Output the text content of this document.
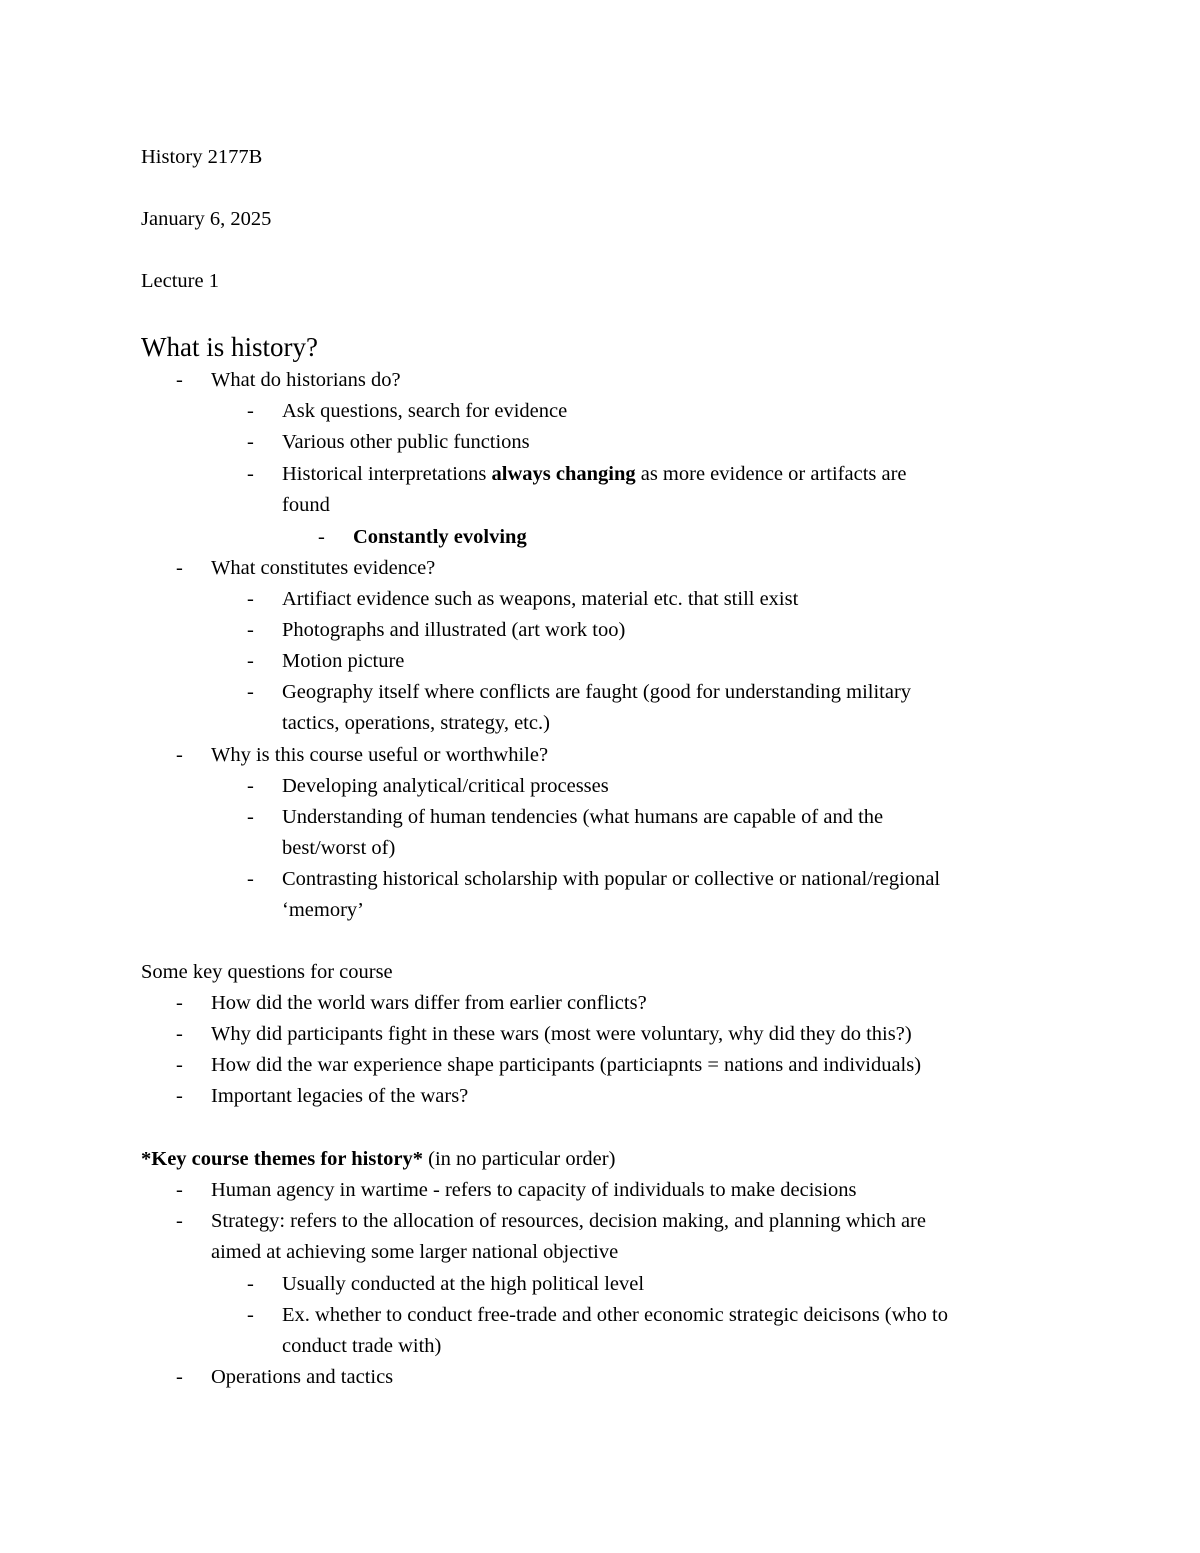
History 2177B
January 6, 2025
Lecture 1
What is history?
- What do historians do?
- Ask questions, search for evidence
- Various other public functions
- Historical interpretations always changing as more evidence or artifacts are
found
- Constantly evolving
- What constitutes evidence?
- Artifiact evidence such as weapons, material etc. that still exist
- Photographs and illustrated (art work too)
- Motion picture
- Geography itself where conflicts are faught (good for understanding military
tactics, operations, strategy, etc.)
- Why is this course useful or worthwhile?
- Developing analytical/critical processes
- Understanding of human tendencies (what humans are capable of and the
best/worst of)
- Contrasting historical scholarship with popular or collective or national/regional
‘memory’
Some key questions for course
- How did the world wars differ from earlier conflicts?
- Why did participants fight in these wars (most were voluntary, why did they do this?)
- How did the war experience shape participants (particiapnts = nations and individuals)
- Important legacies of the wars?
*Key course themes for history* (in no particular order)
- Human agency in wartime - refers to capacity of individuals to make decisions
- Strategy: refers to the allocation of resources, decision making, and planning which are
aimed at achieving some larger national objective
- Usually conducted at the high political level
- Ex. whether to conduct free-trade and other economic strategic deicisons (who to
conduct trade with)
- Operations and tactics
